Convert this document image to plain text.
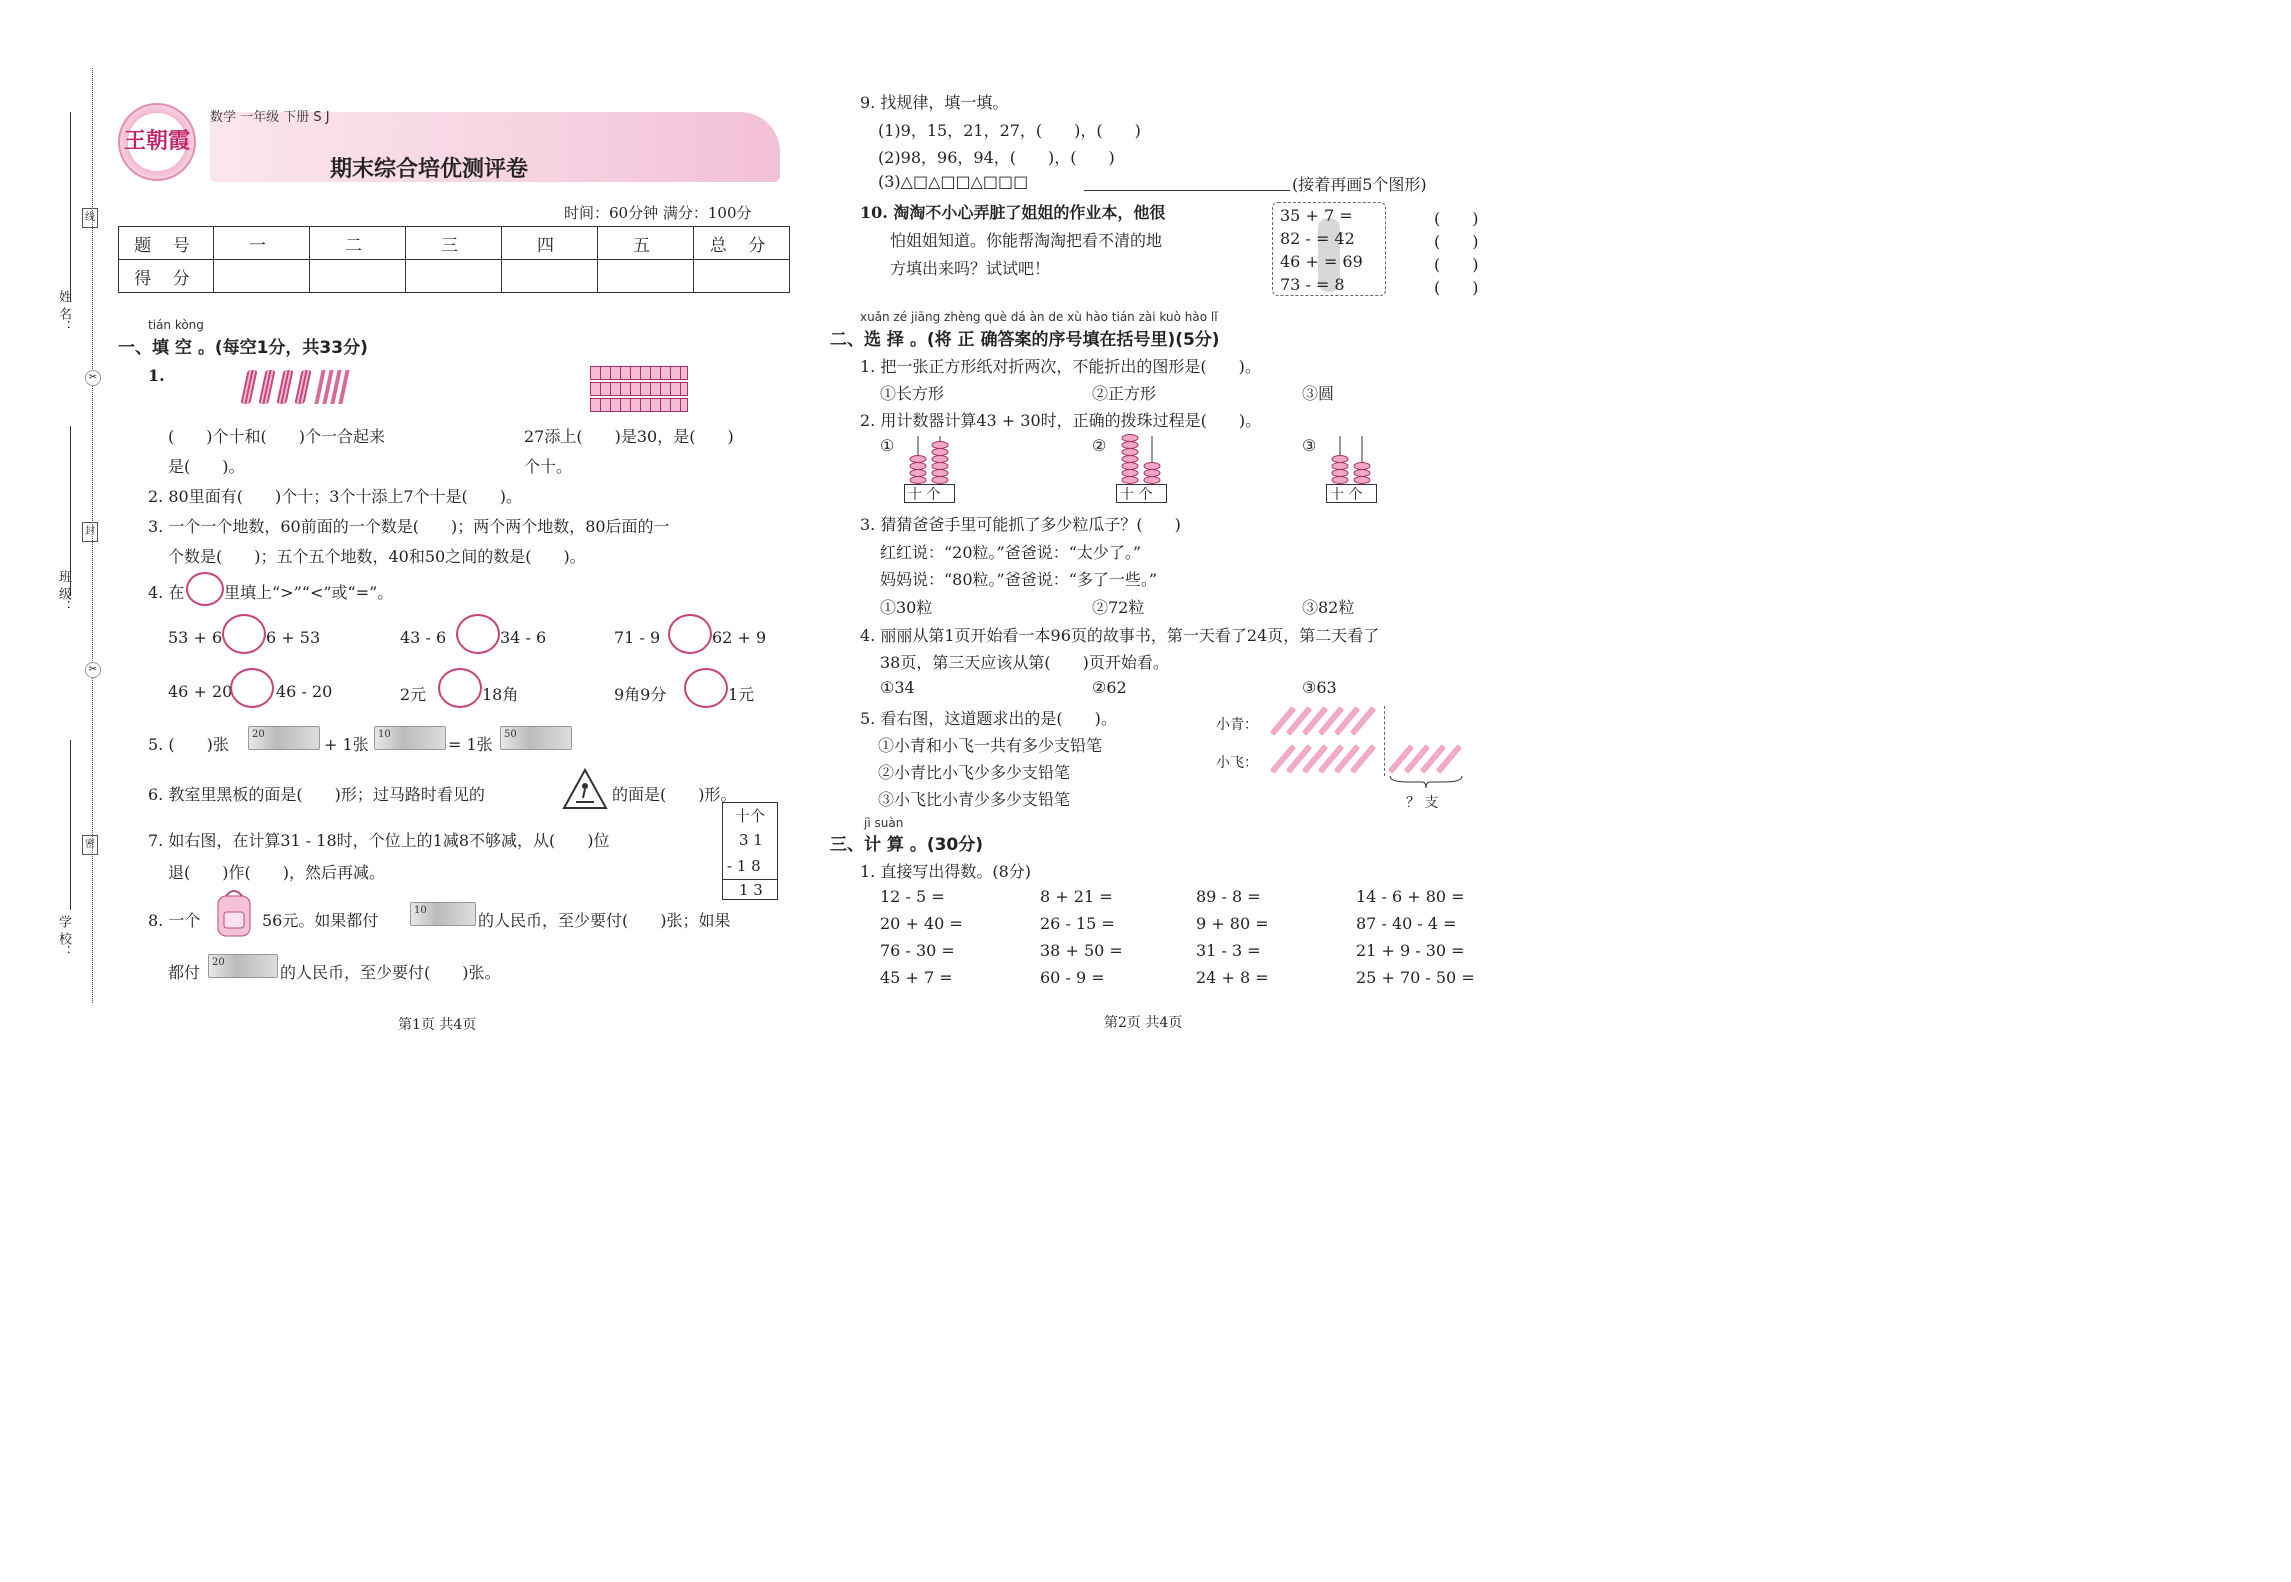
姓 名：
班 级：
学 校：
线
封
密
✂
✂
王朝霞
数学 一年级 下册 S J
期末综合培优测评卷
时间：60分钟 满分：100分
题 号	一	二	三	四	五	总 分
得 分						
tián kòng
一、填 空 。(每空1分，共33分)
1.
(　　)个十和(　　)个一合起来
是(　　)。
27添上(　　)是30，是(　　)
个十。
2. 80里面有(　　)个十；3个十添上7个十是(　　)。
3. 一个一个地数，60前面的一个数是(　　)；两个两个地数，80后面的一
个数是(　　)；五个五个地数，40和50之间的数是(　　)。
4. 在 里填上“>”“<”或“=”。
53 + 6	6 + 53	43 - 6	34 - 6	71 - 9	62 + 9
46 + 20	46 - 20	2元	18角	9角9分	1元
5. (　　)张
20
+ 1张
10
= 1张
50
6. 教室里黑板的面是(　　)形；过马路时看见的	的面是(　　)形。
7. 如右图，在计算31 - 18时，个位上的1减8不够减，从(　　)位
退(　　)作(　　)，然后再减。
十个
3 1
- 1 8
1 3
8. 一个	56元。如果都付
10
的人民币，至少要付(　　)张；如果
都付
20
的人民币，至少要付(　　)张。
第1页 共4页
9. 找规律，填一填。
(1)9，15，21，27，(　　)，(　　)
(2)98，96，94，(　　)，(　　)
(3)△□△□□△□□□	(接着再画5个图形)
10. 淘淘不小心弄脏了姐姐的作业本，他很
怕姐姐知道。你能帮淘淘把看不清的地
方填出来吗？试试吧！
35 + 7 =
82 - = 42
46 + = 69
73 - = 8
(　　)
(　　)
(　　)
(　　)
xuǎn zé jiāng zhèng què dá àn de xù hào tián zài kuò hào lǐ
二、选 择 。(将 正 确答案的序号填在括号里)(5分)
1. 把一张正方形纸对折两次，不能折出的图形是(　　)。
①长方形	②正方形	③圆
2. 用计数器计算43 + 30时，正确的拨珠过程是(　　)。
①	②	③
十 个	十 个	十 个
3. 猜猜爸爸手里可能抓了多少粒瓜子？(　　)
红红说：“20粒。”爸爸说：“太少了。”
妈妈说：“80粒。”爸爸说：“多了一些。”
①30粒	②72粒	③82粒
4. 丽丽从第1页开始看一本96页的故事书，第一天看了24页，第二天看了
38页，第三天应该从第(　　)页开始看。
①34	②62	③63
5. 看右图，这道题求出的是(　　)。
①小青和小飞一共有多少支铅笔
②小青比小飞少多少支铅笔
③小飞比小青少多少支铅笔
小青：
小飞：
？ 支
jì suàn
三、计 算 。(30分)
1. 直接写出得数。(8分)
12 - 5 =	8 + 21 =	89 - 8 =	14 - 6 + 80 =
20 + 40 =	26 - 15 =	9 + 80 =	87 - 40 - 4 =
76 - 30 =	38 + 50 =	31 - 3 =	21 + 9 - 30 =
45 + 7 =	60 - 9 =	24 + 8 =	25 + 70 - 50 =
第2页 共4页
